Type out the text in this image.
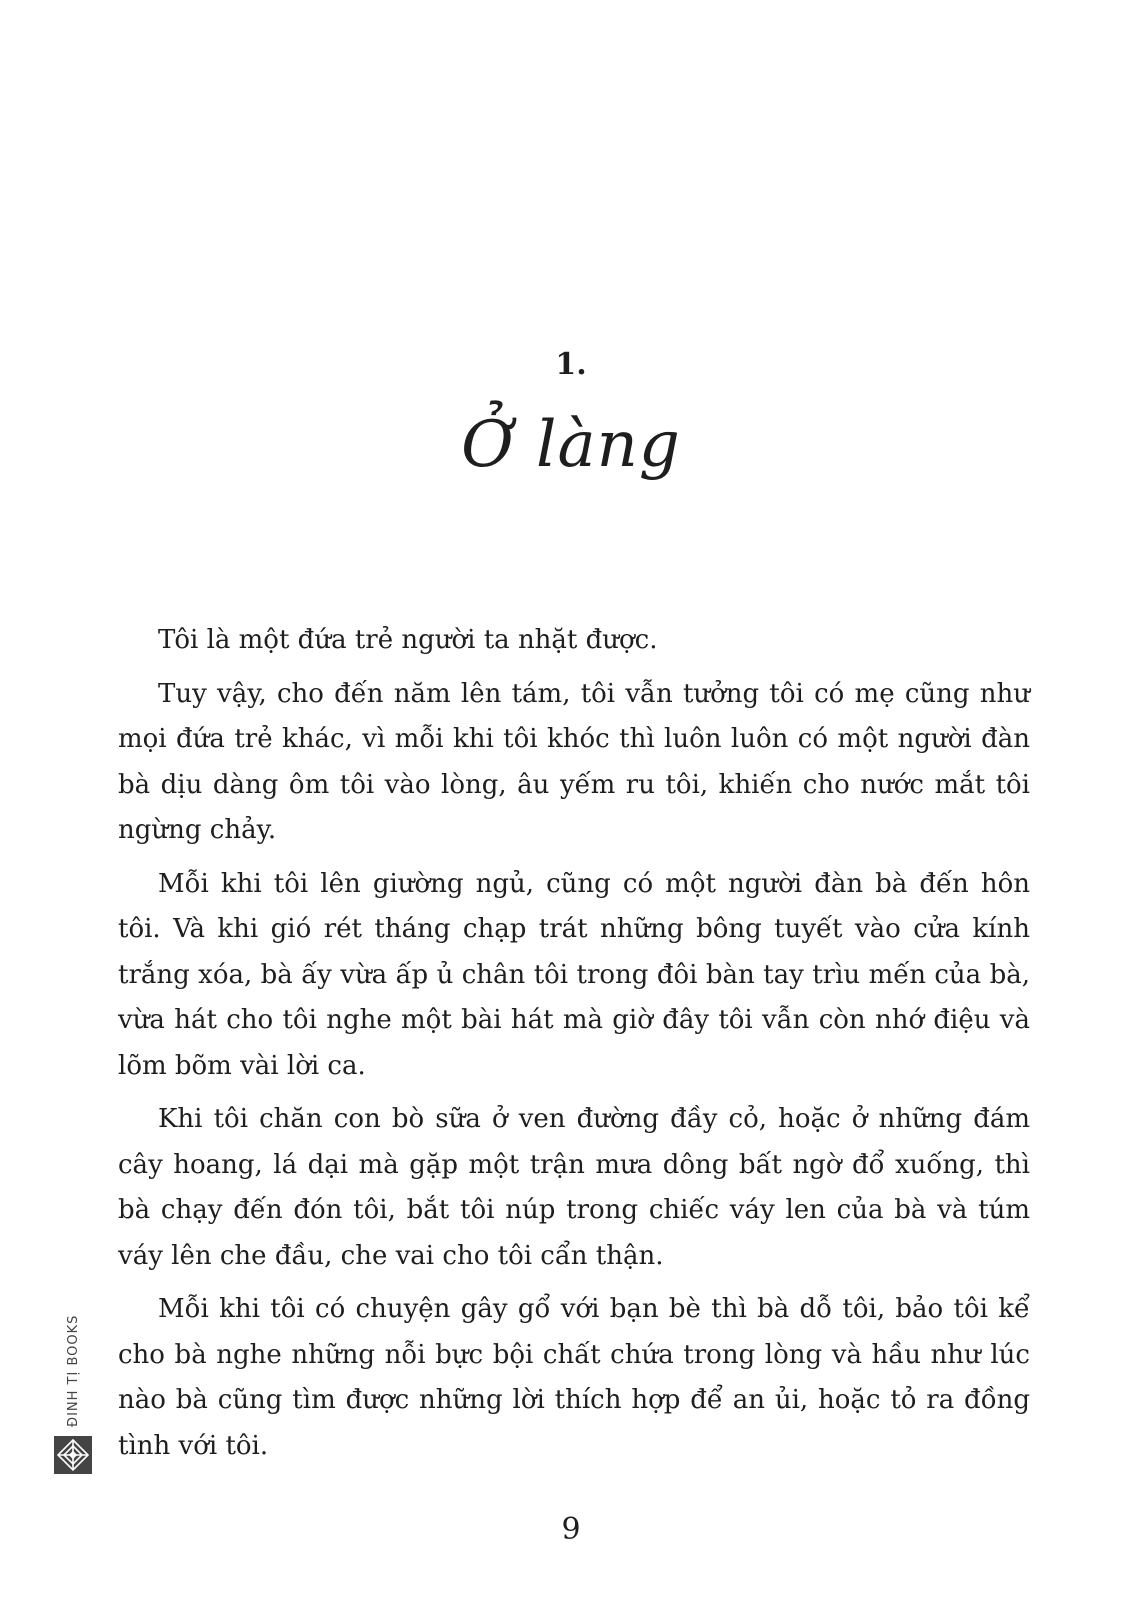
1.
Ở làng

Tôi là một đứa trẻ người ta nhặt được.

Tuy vậy, cho đến năm lên tám, tôi vẫn tưởng tôi có mẹ cũng như mọi đứa trẻ khác, vì mỗi khi tôi khóc thì luôn luôn có một người đàn bà dịu dàng ôm tôi vào lòng, âu yếm ru tôi, khiến cho nước mắt tôi ngừng chảy.

Mỗi khi tôi lên giường ngủ, cũng có một người đàn bà đến hôn tôi. Và khi gió rét tháng chạp trát những bông tuyết vào cửa kính trắng xóa, bà ấy vừa ấp ủ chân tôi trong đôi bàn tay trìu mến của bà, vừa hát cho tôi nghe một bài hát mà giờ đây tôi vẫn còn nhớ điệu và lõm bõm vài lời ca.

Khi tôi chăn con bò sữa ở ven đường đầy cỏ, hoặc ở những đám cây hoang, lá dại mà gặp một trận mưa dông bất ngờ đổ xuống, thì bà chạy đến đón tôi, bắt tôi núp trong chiếc váy len của bà và túm váy lên che đầu, che vai cho tôi cẩn thận.

Mỗi khi tôi có chuyện gây gổ với bạn bè thì bà dỗ tôi, bảo tôi kể cho bà nghe những nỗi bực bội chất chứa trong lòng và hầu như lúc nào bà cũng tìm được những lời thích hợp để an ủi, hoặc tỏ ra đồng tình với tôi.

ĐINH TỊ BOOKS
9
